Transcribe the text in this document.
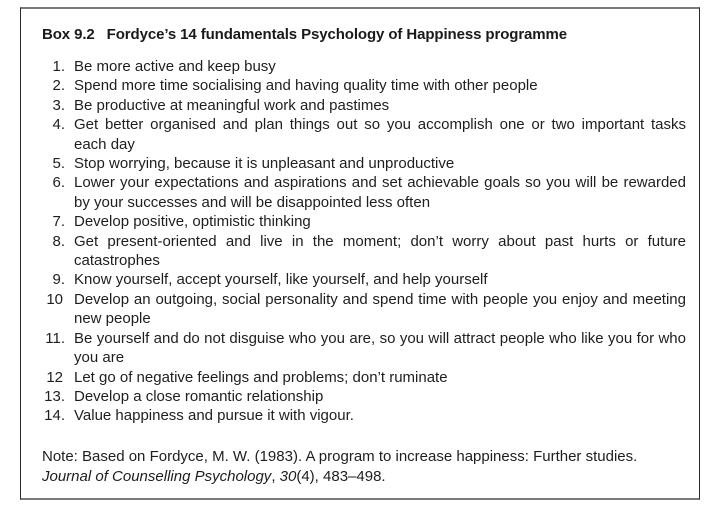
Box 9.2 Fordyce’s 14 fundamentals Psychology of Happiness programme
1. Be more active and keep busy
2. Spend more time socialising and having quality time with other people
3. Be productive at meaningful work and pastimes
4. Get better organised and plan things out so you accomplish one or two important tasks each day
5. Stop worrying, because it is unpleasant and unproductive
6. Lower your expectations and aspirations and set achievable goals so you will be rewarded by your successes and will be disappointed less often
7. Develop positive, optimistic thinking
8. Get present-oriented and live in the moment; don’t worry about past hurts or future catastrophes
9. Know yourself, accept yourself, like yourself, and help yourself
10 Develop an outgoing, social personality and spend time with people you enjoy and meeting new people
11. Be yourself and do not disguise who you are, so you will attract people who like you for who you are
12 Let go of negative feelings and problems; don’t ruminate
13. Develop a close romantic relationship
14. Value happiness and pursue it with vigour.
Note: Based on Fordyce, M. W. (1983). A program to increase happiness: Further studies.
Journal of Counselling Psychology, 30(4), 483–498.
